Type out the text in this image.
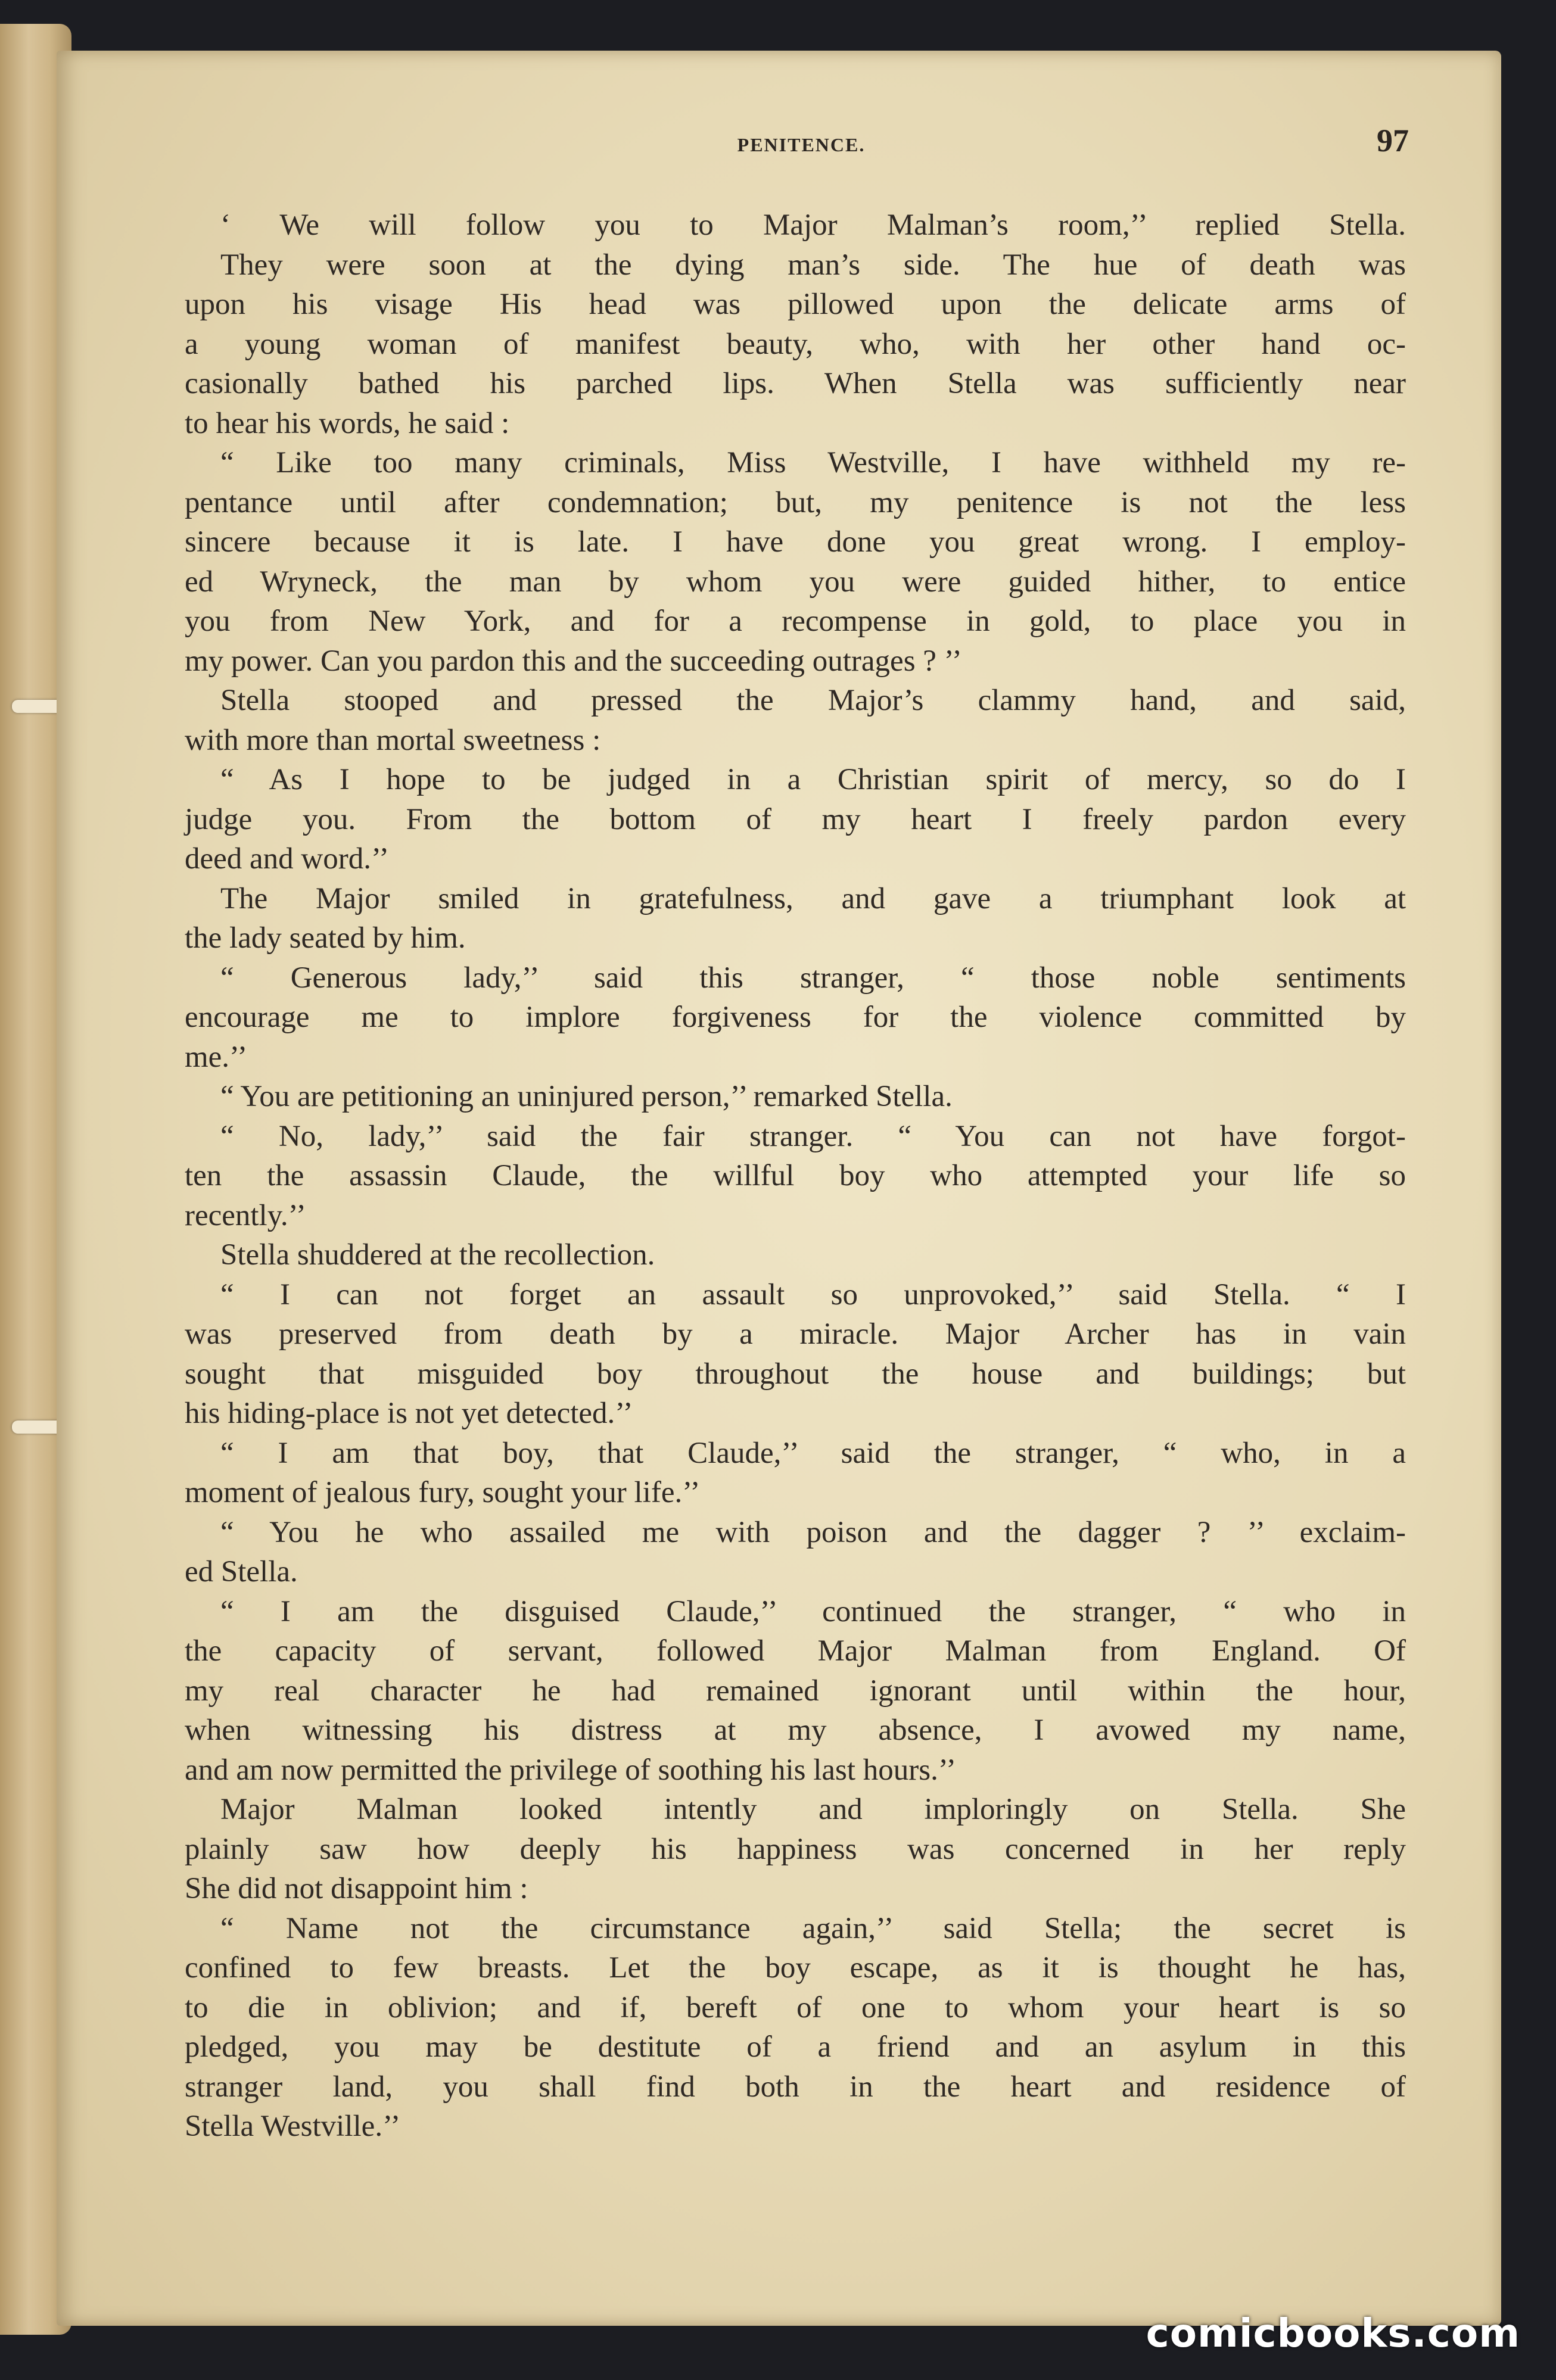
PENITENCE.	97
‘ We will follow you to Major Malman’s room,’’ replied Stella.
They were soon at the dying man’s side. The hue of death was
upon his visage His head was pillowed upon the delicate arms of
a young woman of manifest beauty, who, with her other hand oc-
casionally bathed his parched lips. When Stella was sufficiently near
to hear his words, he said :
“ Like too many criminals, Miss Westville, I have withheld my re-
pentance until after condemnation; but, my penitence is not the less
sincere because it is late. I have done you great wrong. I employ-
ed Wryneck, the man by whom you were guided hither, to entice
you from New York, and for a recompense in gold, to place you in
my power. Can you pardon this and the succeeding outrages ? ’’
Stella stooped and pressed the Major’s clammy hand, and said,
with more than mortal sweetness :
“ As I hope to be judged in a Christian spirit of mercy, so do I
judge you. From the bottom of my heart I freely pardon every
deed and word.’’
The Major smiled in gratefulness, and gave a triumphant look at
the lady seated by him.
“ Generous lady,’’ said this stranger, “ those noble sentiments
encourage me to implore forgiveness for the violence committed by
me.’’
“ You are petitioning an uninjured person,’’ remarked Stella.
“ No, lady,’’ said the fair stranger. “ You can not have forgot-
ten the assassin Claude, the willful boy who attempted your life so
recently.’’
Stella shuddered at the recollection.
“ I can not forget an assault so unprovoked,’’ said Stella. “ I
was preserved from death by a miracle. Major Archer has in vain
sought that misguided boy throughout the house and buildings; but
his hiding-place is not yet detected.’’
“ I am that boy, that Claude,’’ said the stranger, “ who, in a
moment of jealous fury, sought your life.’’
“ You he who assailed me with poison and the dagger ? ’’ exclaim-
ed Stella.
“ I am the disguised Claude,’’ continued the stranger, “ who in
the capacity of servant, followed Major Malman from England. Of
my real character he had remained ignorant until within the hour,
when witnessing his distress at my absence, I avowed my name,
and am now permitted the privilege of soothing his last hours.’’
Major Malman looked intently and imploringly on Stella. She
plainly saw how deeply his happiness was concerned in her reply
She did not disappoint him :
“ Name not the circumstance again,’’ said Stella; the secret is
confined to few breasts. Let the boy escape, as it is thought he has,
to die in oblivion; and if, bereft of one to whom your heart is so
pledged, you may be destitute of a friend and an asylum in this
stranger land, you shall find both in the heart and residence of
Stella Westville.’’
comicbooks.com
